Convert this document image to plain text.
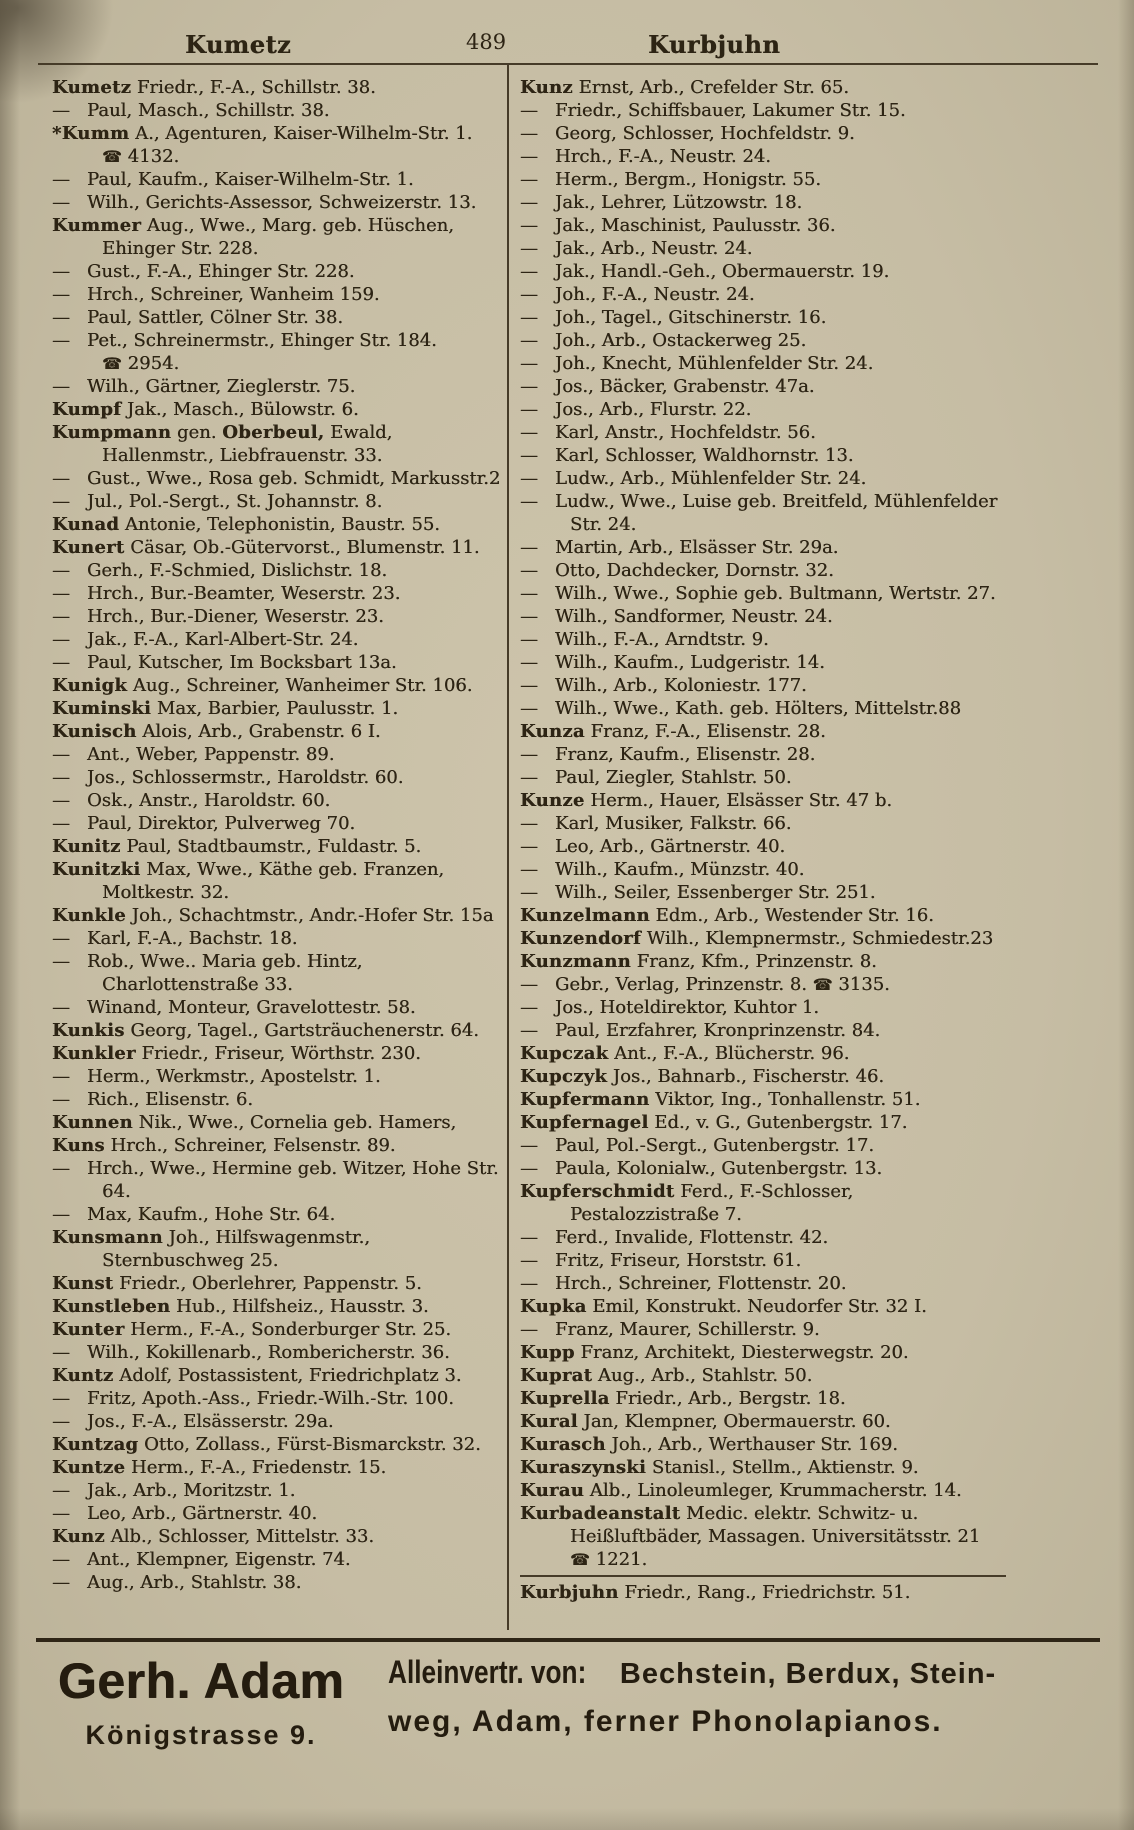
Kumetz	489	Kurbjuhn
Kumetz Friedr., F.-A., Schillstr. 38.
— Paul, Masch., Schillstr. 38.
*Kumm A., Agenturen, Kaiser-Wilhelm-Str. 1.
☎ 4132.
— Paul, Kaufm., Kaiser-Wilhelm-Str. 1.
— Wilh., Gerichts-Assessor, Schweizerstr. 13.
Kummer Aug., Wwe., Marg. geb. Hüschen, Ehinger Str. 228.
— Gust., F.-A., Ehinger Str. 228.
— Hrch., Schreiner, Wanheim 159.
— Paul, Sattler, Cölner Str. 38.
— Pet., Schreinermstr., Ehinger Str. 184.
☎ 2954.
— Wilh., Gärtner, Zieglerstr. 75.
Kumpf Jak., Masch., Bülowstr. 6.
Kumpmann gen. Oberbeul, Ewald, Hallenmstr., Liebfrauenstr. 33.
— Gust., Wwe., Rosa geb. Schmidt, Markusstr.2
— Jul., Pol.-Sergt., St. Johannstr. 8.
Kunad Antonie, Telephonistin, Baustr. 55.
Kunert Cäsar, Ob.-Gütervorst., Blumenstr. 11.
— Gerh., F.-Schmied, Dislichstr. 18.
— Hrch., Bur.-Beamter, Weserstr. 23.
— Hrch., Bur.-Diener, Weserstr. 23.
— Jak., F.-A., Karl-Albert-Str. 24.
— Paul, Kutscher, Im Bocksbart 13a.
Kunigk Aug., Schreiner, Wanheimer Str. 106.
Kuminski Max, Barbier, Paulusstr. 1.
Kunisch Alois, Arb., Grabenstr. 6 I.
— Ant., Weber, Pappenstr. 89.
— Jos., Schlossermstr., Haroldstr. 60.
— Osk., Anstr., Haroldstr. 60.
— Paul, Direktor, Pulverweg 70.
Kunitz Paul, Stadtbaumstr., Fuldastr. 5.
Kunitzki Max, Wwe., Käthe geb. Franzen, Moltkestr. 32.
Kunkle Joh., Schachtmstr., Andr.-Hofer Str. 15a
— Karl, F.-A., Bachstr. 18.
— Rob., Wwe.. Maria geb. Hintz, Charlottenstraße 33.
— Winand, Monteur, Gravelottestr. 58.
Kunkis Georg, Tagel., Gartsträuchenerstr. 64.
Kunkler Friedr., Friseur, Wörthstr. 230.
— Herm., Werkmstr., Apostelstr. 1.
— Rich., Elisenstr. 6.
Kunnen Nik., Wwe., Cornelia geb. Hamers,
Kuns Hrch., Schreiner, Felsenstr. 89.
— Hrch., Wwe., Hermine geb. Witzer, Hohe Str. 64.
— Max, Kaufm., Hohe Str. 64.
Kunsmann Joh., Hilfswagenmstr., Sternbuschweg 25.
Kunst Friedr., Oberlehrer, Pappenstr. 5.
Kunstleben Hub., Hilfsheiz., Hausstr. 3.
Kunter Herm., F.-A., Sonderburger Str. 25.
— Wilh., Kokillenarb., Rombericherstr. 36.
Kuntz Adolf, Postassistent, Friedrichplatz 3.
— Fritz, Apoth.-Ass., Friedr.-Wilh.-Str. 100.
— Jos., F.-A., Elsässerstr. 29a.
Kuntzag Otto, Zollass., Fürst-Bismarckstr. 32.
Kuntze Herm., F.-A., Friedenstr. 15.
— Jak., Arb., Moritzstr. 1.
— Leo, Arb., Gärtnerstr. 40.
Kunz Alb., Schlosser, Mittelstr. 33.
— Ant., Klempner, Eigenstr. 74.
— Aug., Arb., Stahlstr. 38.
Kunz Ernst, Arb., Crefelder Str. 65.
— Friedr., Schiffsbauer, Lakumer Str. 15.
— Georg, Schlosser, Hochfeldstr. 9.
— Hrch., F.-A., Neustr. 24.
— Herm., Bergm., Honigstr. 55.
— Jak., Lehrer, Lützowstr. 18.
— Jak., Maschinist, Paulusstr. 36.
— Jak., Arb., Neustr. 24.
— Jak., Handl.-Geh., Obermauerstr. 19.
— Joh., F.-A., Neustr. 24.
— Joh., Tagel., Gitschinerstr. 16.
— Joh., Arb., Ostackerweg 25.
— Joh., Knecht, Mühlenfelder Str. 24.
— Jos., Bäcker, Grabenstr. 47a.
— Jos., Arb., Flurstr. 22.
— Karl, Anstr., Hochfeldstr. 56.
— Karl, Schlosser, Waldhornstr. 13.
— Ludw., Arb., Mühlenfelder Str. 24.
— Ludw., Wwe., Luise geb. Breitfeld, Mühlenfelder Str. 24.
— Martin, Arb., Elsässer Str. 29a.
— Otto, Dachdecker, Dornstr. 32.
— Wilh., Wwe., Sophie geb. Bultmann, Wertstr. 27.
— Wilh., Sandformer, Neustr. 24.
— Wilh., F.-A., Arndtstr. 9.
— Wilh., Kaufm., Ludgeristr. 14.
— Wilh., Arb., Koloniestr. 177.
— Wilh., Wwe., Kath. geb. Hölters, Mittelstr.88
Kunza Franz, F.-A., Elisenstr. 28.
— Franz, Kaufm., Elisenstr. 28.
— Paul, Ziegler, Stahlstr. 50.
Kunze Herm., Hauer, Elsässer Str. 47 b.
— Karl, Musiker, Falkstr. 66.
— Leo, Arb., Gärtnerstr. 40.
— Wilh., Kaufm., Münzstr. 40.
— Wilh., Seiler, Essenberger Str. 251.
Kunzelmann Edm., Arb., Westender Str. 16.
Kunzendorf Wilh., Klempnermstr., Schmiedestr.23
Kunzmann Franz, Kfm., Prinzenstr. 8.
— Gebr., Verlag, Prinzenstr. 8. ☎ 3135.
— Jos., Hoteldirektor, Kuhtor 1.
— Paul, Erzfahrer, Kronprinzenstr. 84.
Kupczak Ant., F.-A., Blücherstr. 96.
Kupczyk Jos., Bahnarb., Fischerstr. 46.
Kupfermann Viktor, Ing., Tonhallenstr. 51.
Kupfernagel Ed., v. G., Gutenbergstr. 17.
— Paul, Pol.-Sergt., Gutenbergstr. 17.
— Paula, Kolonialw., Gutenbergstr. 13.
Kupferschmidt Ferd., F.-Schlosser, Pestalozzistraße 7.
— Ferd., Invalide, Flottenstr. 42.
— Fritz, Friseur, Horststr. 61.
— Hrch., Schreiner, Flottenstr. 20.
Kupka Emil, Konstrukt. Neudorfer Str. 32 I.
— Franz, Maurer, Schillerstr. 9.
Kupp Franz, Architekt, Diesterwegstr. 20.
Kuprat Aug., Arb., Stahlstr. 50.
Kuprella Friedr., Arb., Bergstr. 18.
Kural Jan, Klempner, Obermauerstr. 60.
Kurasch Joh., Arb., Werthauser Str. 169.
Kuraszynski Stanisl., Stellm., Aktienstr. 9.
Kurau Alb., Linoleumleger, Krummacherstr. 14.
Kurbadeanstalt Medic. elektr. Schwitz- u. Heißluftbäder, Massagen. Universitätsstr. 21
☎ 1221.
Kurbjuhn Friedr., Rang., Friedrichstr. 51.
Gerh. Adam
Königstrasse 9.
Alleinvertr. von: Bechstein, Berdux, Stein-
weg, Adam, ferner Phonolapianos.
